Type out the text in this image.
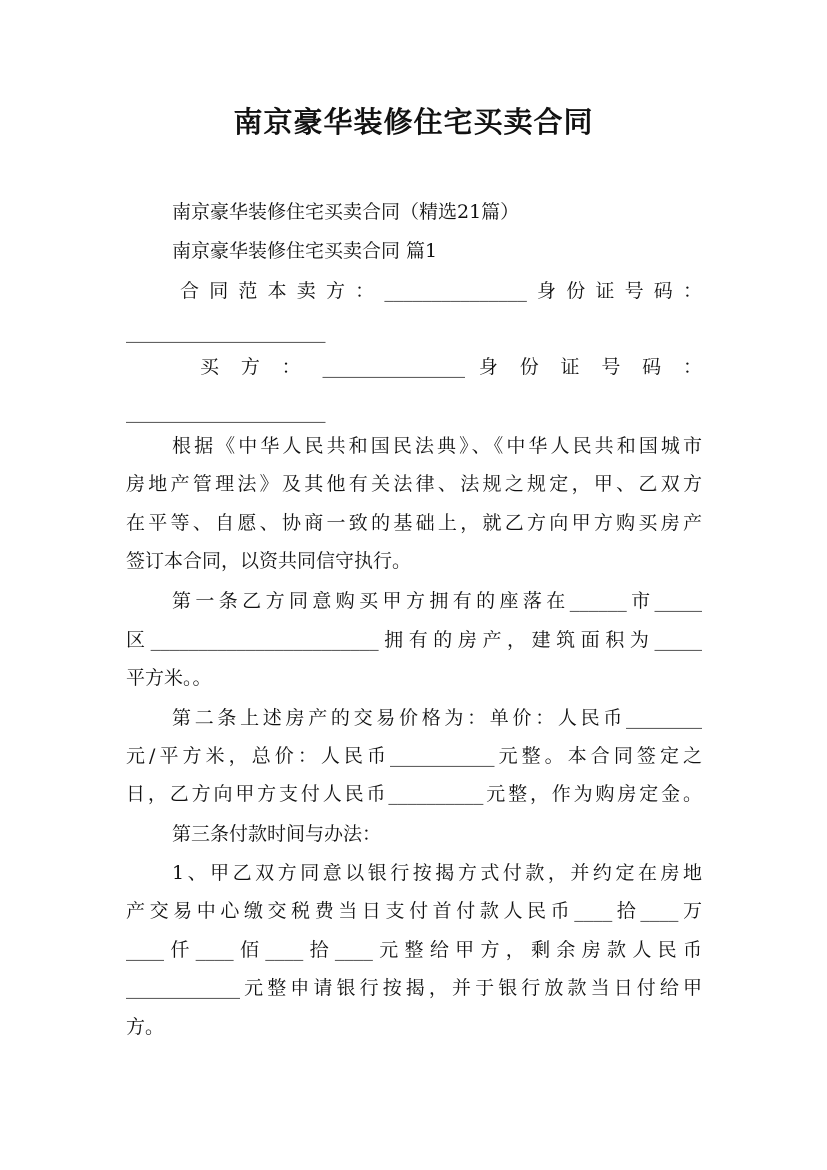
南京豪华装修住宅买卖合同
南京豪华装修住宅买卖合同（精选21篇）
南京豪华装修住宅买卖合同 篇1
合同范本卖方：_______________身份证号码：
_____________________
买 方 ： _______________ 身 份 证 号 码 ：
_____________________
根据《中华人民共和国民法典》、《中华人民共和国城市
房地产管理法》及其他有关法律、法规之规定，甲、乙双方
在平等、自愿、协商一致的基础上，就乙方向甲方购买房产
签订本合同，以资共同信守执行。
第一条乙方同意购买甲方拥有的座落在______市_____
区________________________拥有的房产，建筑面积为_____
平方米。。
第二条上述房产的交易价格为：单价：人民币________
元/平方米，总价：人民币___________元整。本合同签定之
日，乙方向甲方支付人民币__________元整，作为购房定金。
第三条付款时间与办法：
1、甲乙双方同意以银行按揭方式付款，并约定在房地
产交易中心缴交税费当日支付首付款人民币____拾____万
____仟____佰____拾____元整给甲方，剩余房款人民币
____________元整申请银行按揭，并于银行放款当日付给甲
方。
